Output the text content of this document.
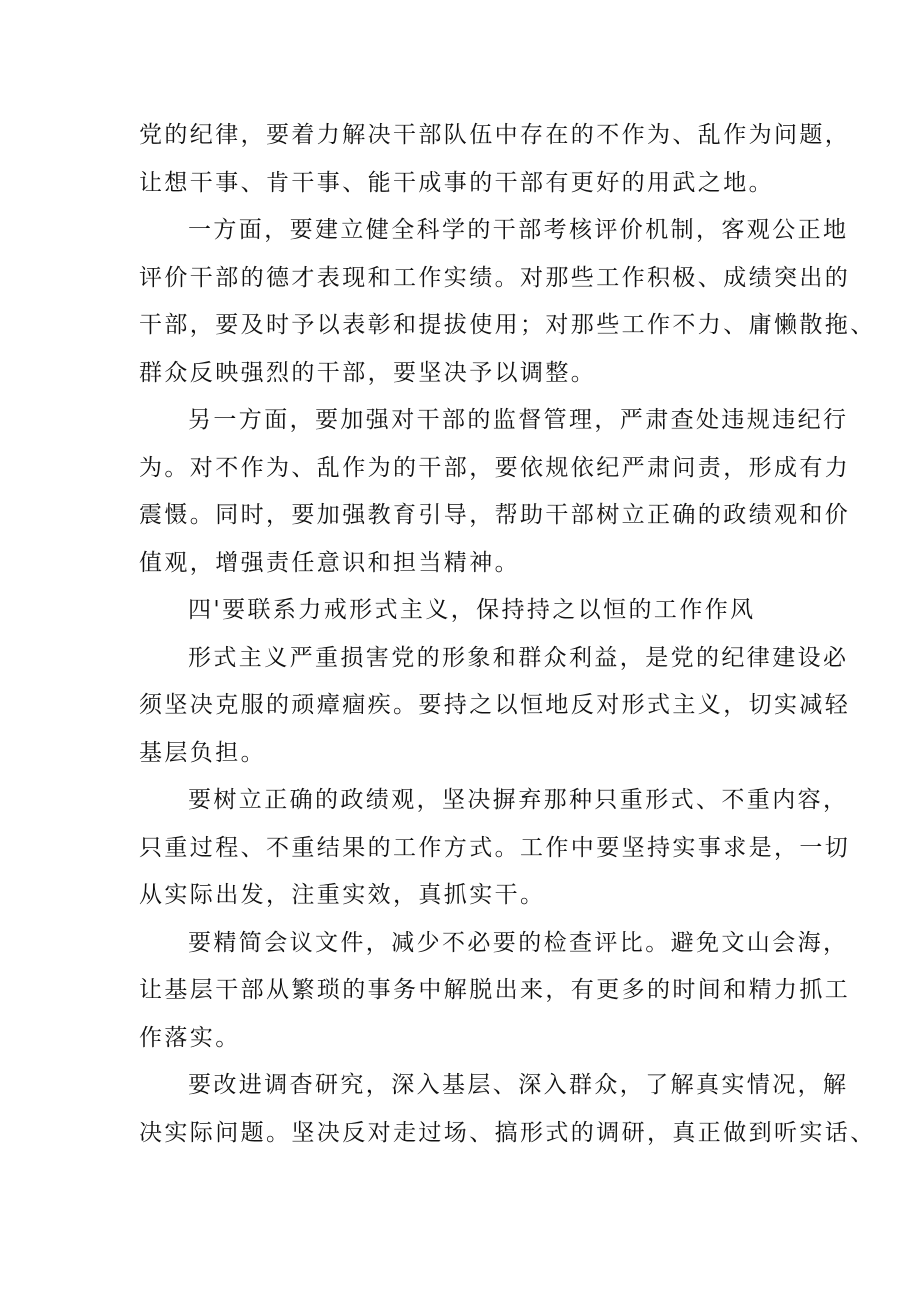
党的纪律，要着力解决干部队伍中存在的不作为、乱作为问题，
让想干事、肯干事、能干成事的干部有更好的用武之地。

一方面，要建立健全科学的干部考核评价机制，客观公正地
评价干部的德才表现和工作实绩。对那些工作积极、成绩突出的
干部，要及时予以表彰和提拔使用；对那些工作不力、庸懒散拖、
群众反映强烈的干部，要坚决予以调整。

另一方面，要加强对干部的监督管理，严肃查处违规违纪行
为。对不作为、乱作为的干部，要依规依纪严肃问责，形成有力
震慑。同时，要加强教育引导，帮助干部树立正确的政绩观和价
值观，增强责任意识和担当精神。

四'要联系力戒形式主义，保持持之以恒的工作作风

形式主义严重损害党的形象和群众利益，是党的纪律建设必
须坚决克服的顽瘴痼疾。要持之以恒地反对形式主义，切实减轻
基层负担。

要树立正确的政绩观，坚决摒弃那种只重形式、不重内容，
只重过程、不重结果的工作方式。工作中要坚持实事求是，一切
从实际出发，注重实效，真抓实干。

要精简会议文件，减少不必要的检查评比。避免文山会海，
让基层干部从繁琐的事务中解脱出来，有更多的时间和精力抓工
作落实。

要改进调杳研究，深入基层、深入群众，了解真实情况，解
决实际问题。坚决反对走过场、搞形式的调研，真正做到听实话、
